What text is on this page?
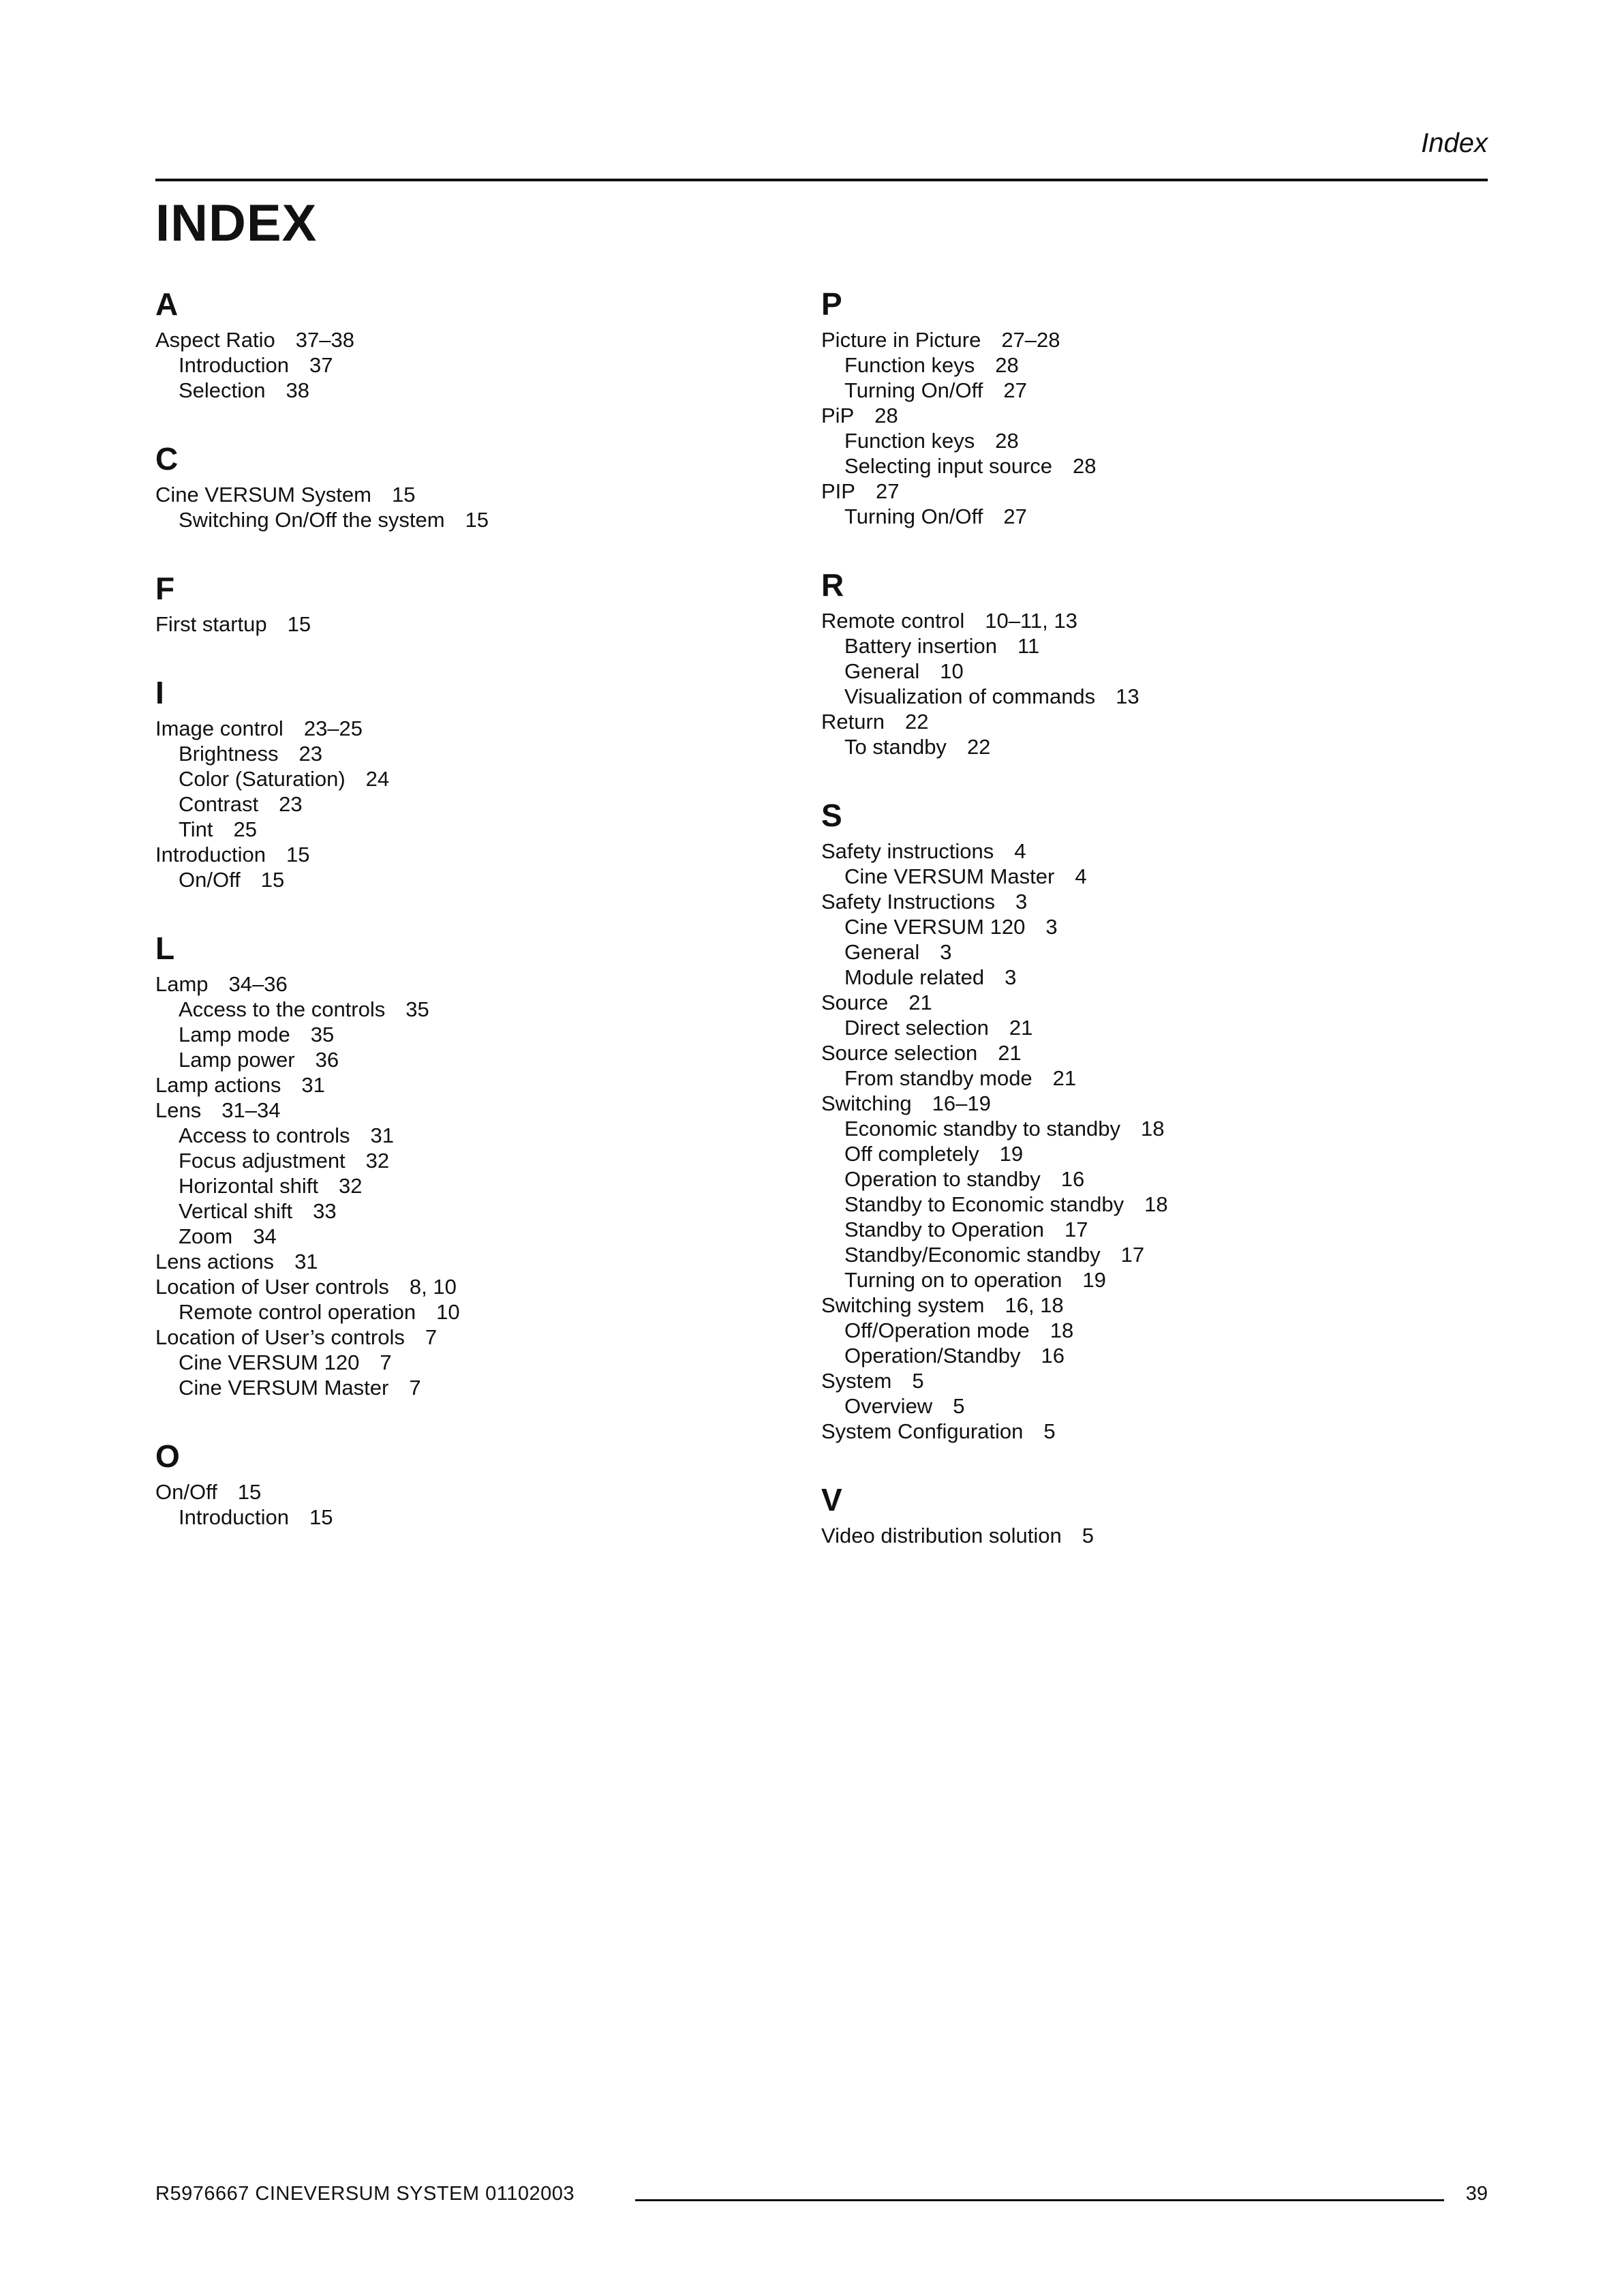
Index
INDEX
A
Aspect Ratio 37–38
Introduction 37
Selection 38
C
Cine VERSUM System 15
Switching On/Off the system 15
F
First startup 15
I
Image control 23–25
Brightness 23
Color (Saturation) 24
Contrast 23
Tint 25
Introduction 15
On/Off 15
L
Lamp 34–36
Access to the controls 35
Lamp mode 35
Lamp power 36
Lamp actions 31
Lens 31–34
Access to controls 31
Focus adjustment 32
Horizontal shift 32
Vertical shift 33
Zoom 34
Lens actions 31
Location of User controls 8, 10
Remote control operation 10
Location of User’s controls 7
Cine VERSUM 120 7
Cine VERSUM Master 7
O
On/Off 15
Introduction 15
P
Picture in Picture 27–28
Function keys 28
Turning On/Off 27
PiP 28
Function keys 28
Selecting input source 28
PIP 27
Turning On/Off 27
R
Remote control 10–11, 13
Battery insertion 11
General 10
Visualization of commands 13
Return 22
To standby 22
S
Safety instructions 4
Cine VERSUM Master 4
Safety Instructions 3
Cine VERSUM 120 3
General 3
Module related 3
Source 21
Direct selection 21
Source selection 21
From standby mode 21
Switching 16–19
Economic standby to standby 18
Off completely 19
Operation to standby 16
Standby to Economic standby 18
Standby to Operation 17
Standby/Economic standby 17
Turning on to operation 19
Switching system 16, 18
Off/Operation mode 18
Operation/Standby 16
System 5
Overview 5
System Configuration 5
V
Video distribution solution 5
R5976667 CINEVERSUM SYSTEM 01102003	39
